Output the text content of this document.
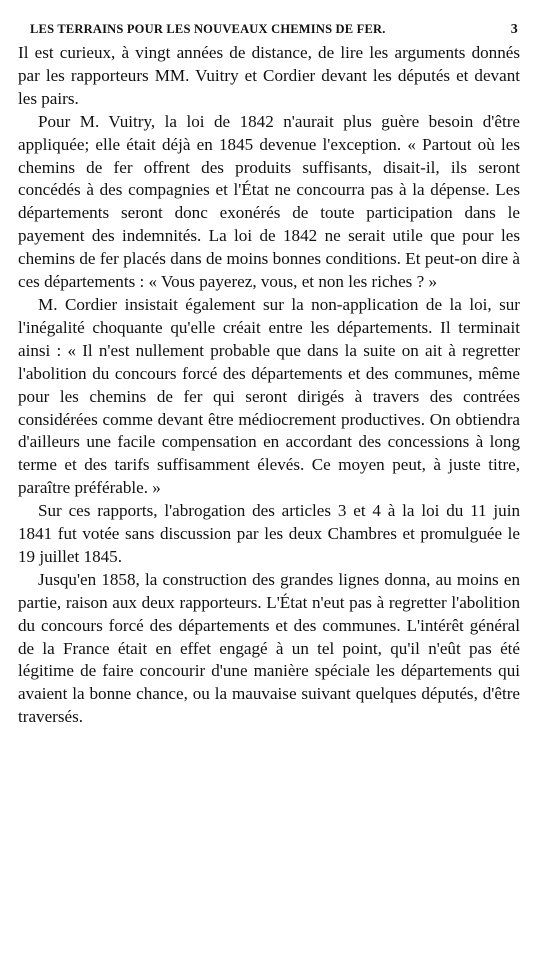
LES TERRAINS POUR LES NOUVEAUX CHEMINS DE FER.	3

Il est curieux, à vingt années de distance, de lire les arguments donnés par les rapporteurs MM. Vuitry et Cordier devant les députés et devant les pairs.

Pour M. Vuitry, la loi de 1842 n'aurait plus guère besoin d'être appliquée; elle était déjà en 1845 devenue l'exception. « Partout où les chemins de fer offrent des produits suffisants, disait-il, ils seront concédés à des compagnies et l'État ne concourra pas à la dépense. Les départements seront donc exonérés de toute participation dans le payement des indemnités. La loi de 1842 ne serait utile que pour les chemins de fer placés dans de moins bonnes conditions. Et peut-on dire à ces départements : « Vous payerez, vous, et non les riches ? »

M. Cordier insistait également sur la non-application de la loi, sur l'inégalité choquante qu'elle créait entre les départements. Il terminait ainsi : « Il n'est nullement probable que dans la suite on ait à regretter l'abolition du concours forcé des départements et des communes, même pour les chemins de fer qui seront dirigés à travers des contrées considérées comme devant être médiocrement productives. On obtiendra d'ailleurs une facile compensation en accordant des concessions à long terme et des tarifs suffisamment élevés. Ce moyen peut, à juste titre, paraître préférable. »

Sur ces rapports, l'abrogation des articles 3 et 4 à la loi du 11 juin 1841 fut votée sans discussion par les deux Chambres et promulguée le 19 juillet 1845.

Jusqu'en 1858, la construction des grandes lignes donna, au moins en partie, raison aux deux rapporteurs. L'État n'eut pas à regretter l'abolition du concours forcé des départements et des communes. L'intérêt général de la France était en effet engagé à un tel point, qu'il n'eût pas été légitime de faire concourir d'une manière spéciale les départements qui avaient la bonne chance, ou la mauvaise suivant quelques députés, d'être traversés.
